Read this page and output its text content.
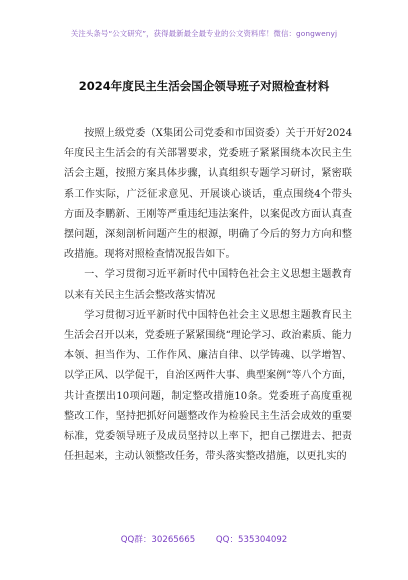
关注头条号“公文研究”，获得最新最全最专业的公文资料库！微信：gongwenyj
2024年度民主生活会国企领导班子对照检查材料

按照上级党委（X集团公司党委和市国资委）关于开好2024年度民主生活会的有关部署要求，党委班子紧紧围绕本次民主生活会主题，按照方案具体步骤，认真组织专题学习研讨，紧密联系工作实际，广泛征求意见、开展谈心谈话，重点围绕4个带头方面及李鹏新、王刚等严重违纪违法案件，以案促改方面认真查摆问题，深刻剖析问题产生的根源，明确了今后的努力方向和整改措施。现将对照检查情况报告如下。

一、学习贯彻习近平新时代中国特色社会主义思想主题教育以来有关民主生活会整改落实情况

学习贯彻习近平新时代中国特色社会主义思想主题教育民主生活会召开以来，党委班子紧紧围绕“理论学习、政治素质、能力本领、担当作为、工作作风、廉洁自律、以学铸魂、以学增智、以学正风、以学促干，自治区两件大事、典型案例”等八个方面，共计查摆出10项问题，制定整改措施10条。党委班子高度重视整改工作，坚持把抓好问题整改作为检验民主生活会成效的重要标准，党委领导班子及成员坚持以上率下，把自己摆进去、把责任担起来，主动认领整改任务，带头落实整改措施，以更扎实的

QQ群：30265665 QQ：535304092
